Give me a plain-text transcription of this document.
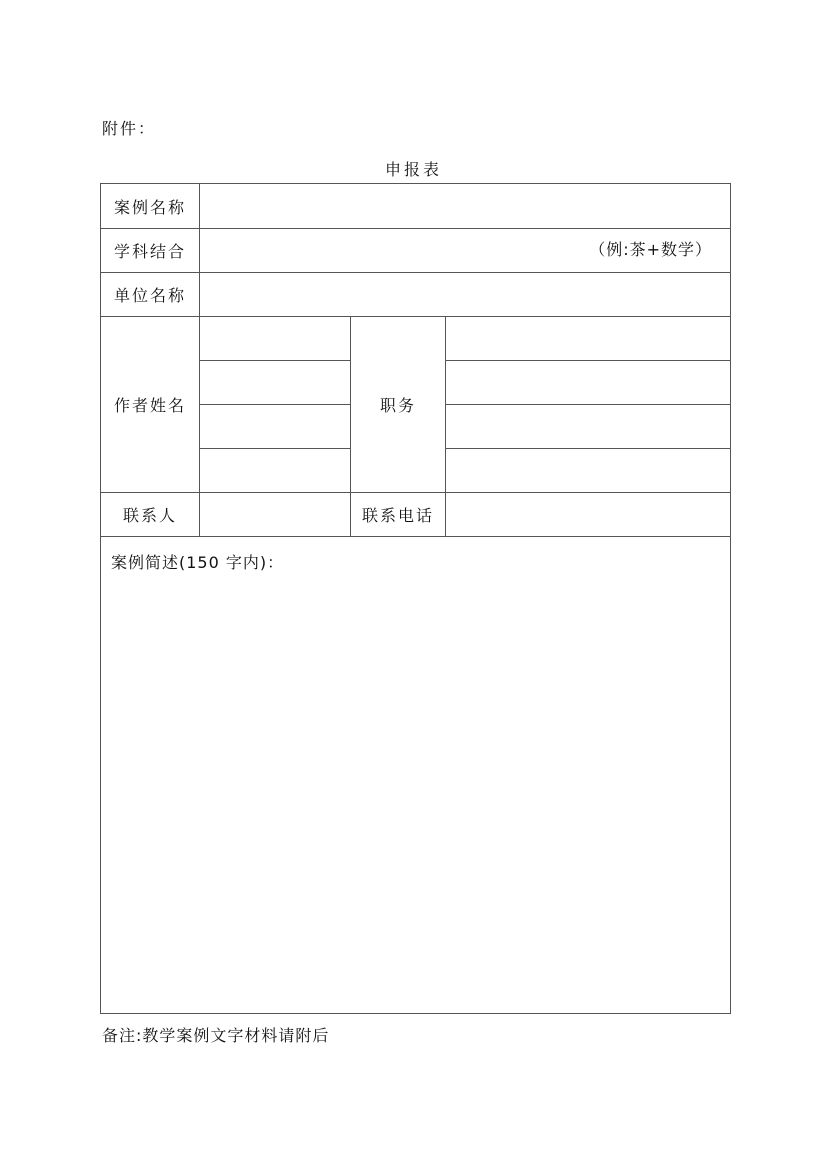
附件：
申报表
案例名称
学科结合	（例:茶+数学）
单位名称
作者姓名	职务
联系人	联系电话
案例简述(150 字内)：
备注:教学案例文字材料请附后
